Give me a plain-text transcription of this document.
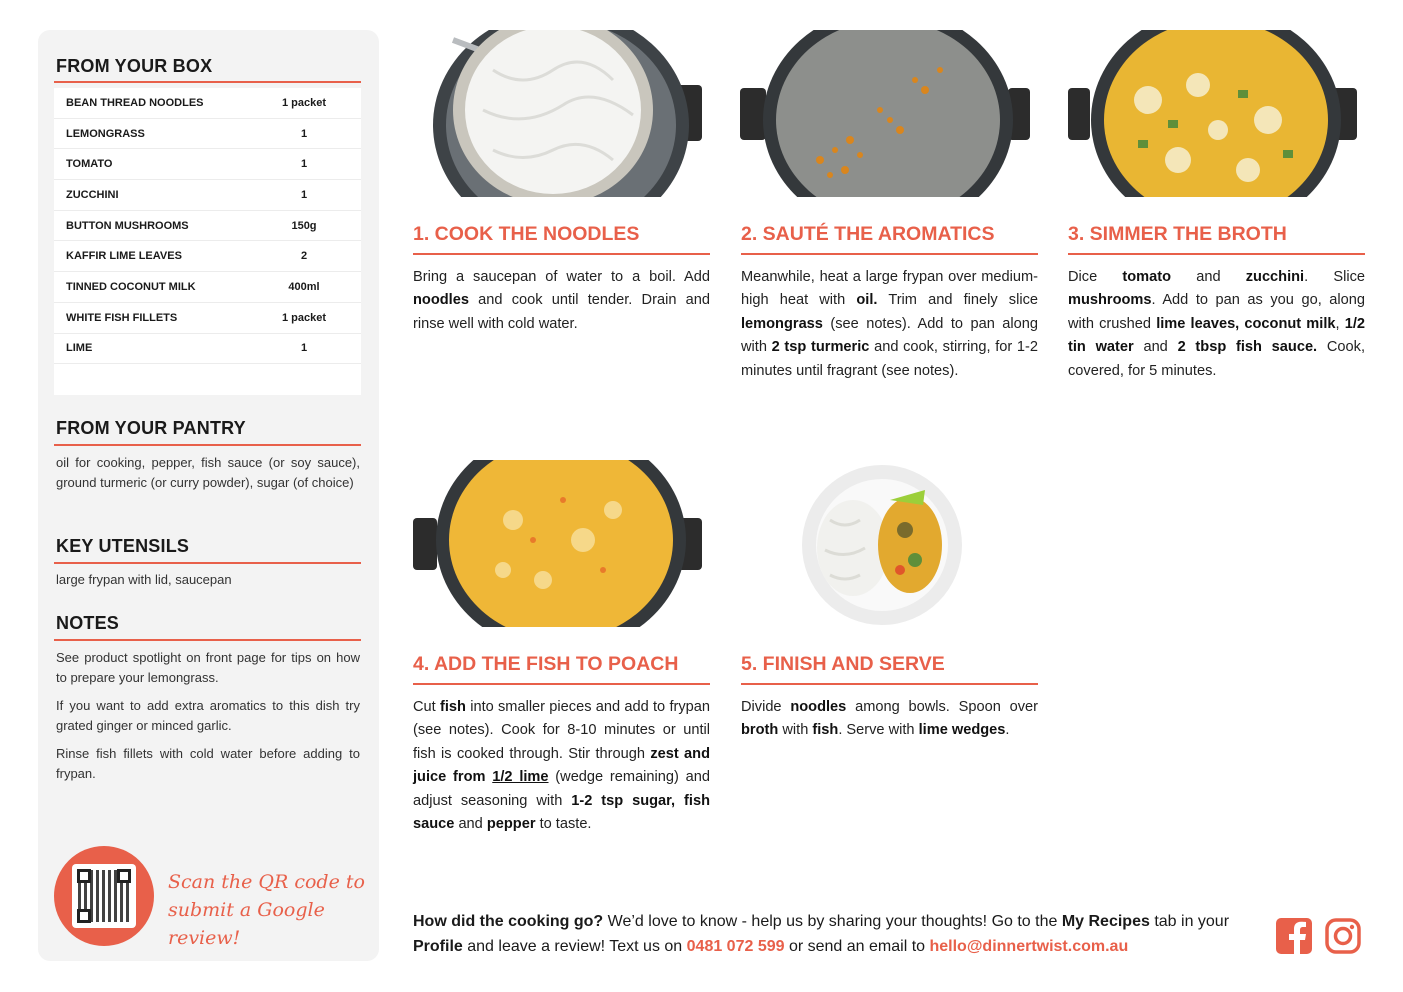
FROM YOUR BOX
BEAN THREAD NOODLES	1 packet
LEMONGRASS	1
TOMATO	1
ZUCCHINI	1
BUTTON MUSHROOMS	150g
KAFFIR LIME LEAVES	2
TINNED COCONUT MILK	400ml
WHITE FISH FILLETS	1 packet
LIME	1
FROM YOUR PANTRY
oil for cooking, pepper, fish sauce (or soy sauce), ground turmeric (or curry powder), sugar (of choice)
KEY UTENSILS
large frypan with lid, saucepan
NOTES
See product spotlight on front page for tips on how to prepare your lemongrass.
If you want to add extra aromatics to this dish try grated ginger or minced garlic.
Rinse fish fillets with cold water before adding to frypan.
Scan the QR code to
submit a Google review!
1. COOK THE NOODLES
Bring a saucepan of water to a boil. Add noodles and cook until tender. Drain and rinse well with cold water.
2. SAUTÉ THE AROMATICS
Meanwhile, heat a large frypan over medium-high heat with oil. Trim and finely slice lemongrass (see notes). Add to pan along with 2 tsp turmeric and cook, stirring, for 1-2 minutes until fragrant (see notes).
3. SIMMER THE BROTH
Dice tomato and zucchini. Slice mushrooms. Add to pan as you go, along with crushed lime leaves, coconut milk, 1/2 tin water and 2 tbsp fish sauce. Cook, covered, for 5 minutes.
4. ADD THE FISH TO POACH
Cut fish into smaller pieces and add to frypan (see notes). Cook for 8-10 minutes or until fish is cooked through. Stir through zest and juice from 1/2 lime (wedge remaining) and adjust seasoning with 1-2 tsp sugar, fish sauce and pepper to taste.
5. FINISH AND SERVE
Divide noodles among bowls. Spoon over broth with fish. Serve with lime wedges.
How did the cooking go? We’d love to know - help us by sharing your thoughts! Go to the My Recipes tab in your Profile and leave a review! Text us on 0481 072 599 or send an email to hello@dinnertwist.com.au
